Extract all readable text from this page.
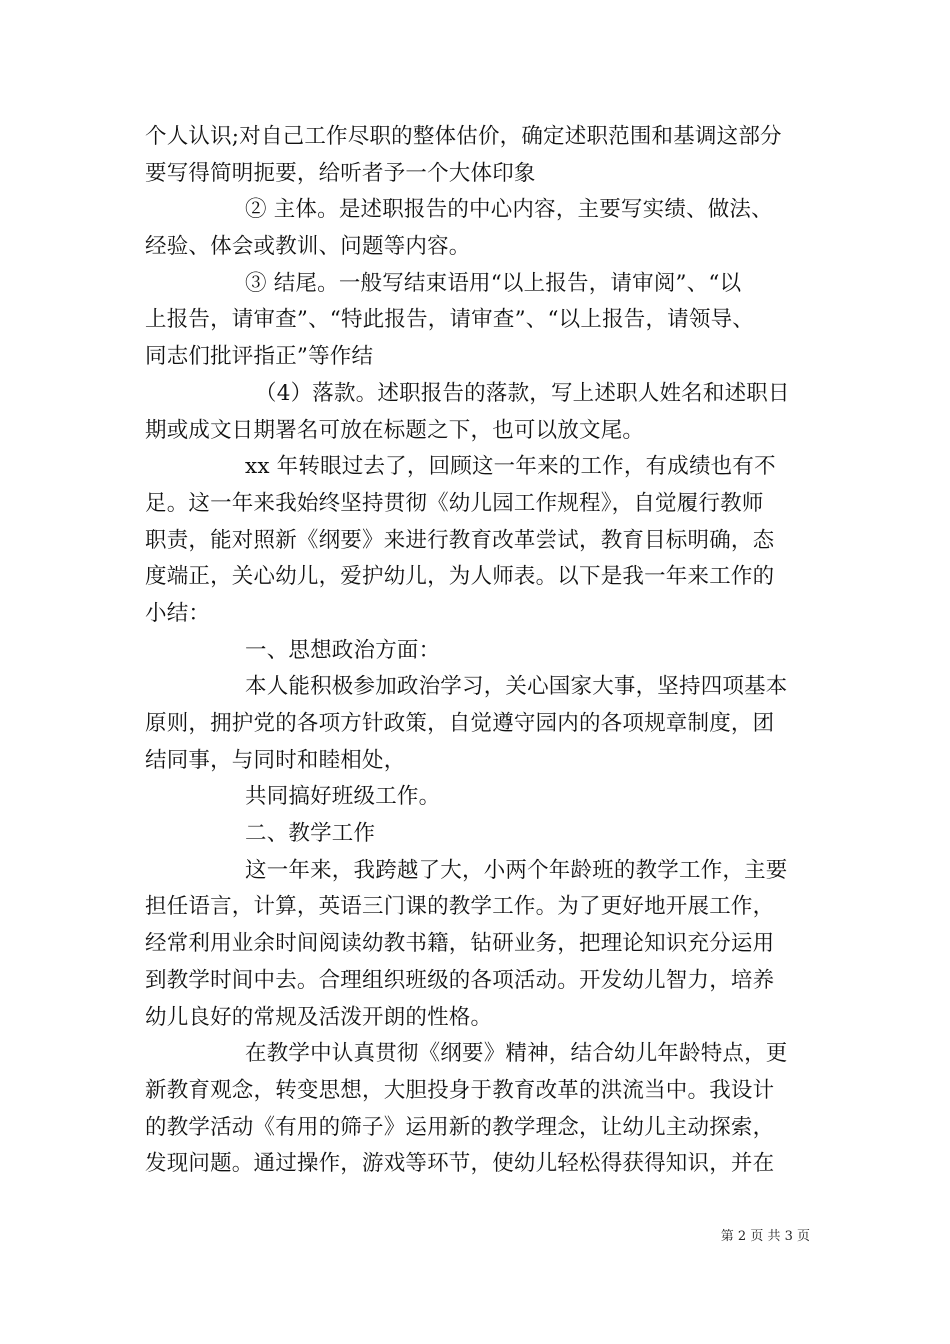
个人认识;对自己工作尽职的整体估价，确定述职范围和基调这部分
要写得简明扼要，给听者予一个大体印象
② 主体。是述职报告的中心内容，主要写实绩、做法、
经验、体会或教训、问题等内容。
③ 结尾。一般写结束语用“以上报告，请审阅”、“以
上报告，请审查”、“特此报告，请审查”、“以上报告，请领导、
同志们批评指正”等作结
（4）落款。述职报告的落款，写上述职人姓名和述职日
期或成文日期署名可放在标题之下，也可以放文尾。
xx 年转眼过去了，回顾这一年来的工作，有成绩也有不
足。这一年来我始终坚持贯彻《幼儿园工作规程》，自觉履行教师
职责，能对照新《纲要》来进行教育改革尝试，教育目标明确，态
度端正，关心幼儿，爱护幼儿，为人师表。以下是我一年来工作的
小结：
一、思想政治方面：
本人能积极参加政治学习，关心国家大事，坚持四项基本
原则，拥护党的各项方针政策，自觉遵守园内的各项规章制度，团
结同事，与同时和睦相处，
共同搞好班级工作。
二、教学工作
这一年来，我跨越了大，小两个年龄班的教学工作，主要
担任语言，计算，英语三门课的教学工作。为了更好地开展工作，
经常利用业余时间阅读幼教书籍，钻研业务，把理论知识充分运用
到教学时间中去。合理组织班级的各项活动。开发幼儿智力，培养
幼儿良好的常规及活泼开朗的性格。
在教学中认真贯彻《纲要》精神，结合幼儿年龄特点，更
新教育观念，转变思想，大胆投身于教育改革的洪流当中。我设计
的教学活动《有用的筛子》运用新的教学理念，让幼儿主动探索，
发现问题。通过操作，游戏等环节，使幼儿轻松得获得知识，并在
第 2 页 共 3 页
